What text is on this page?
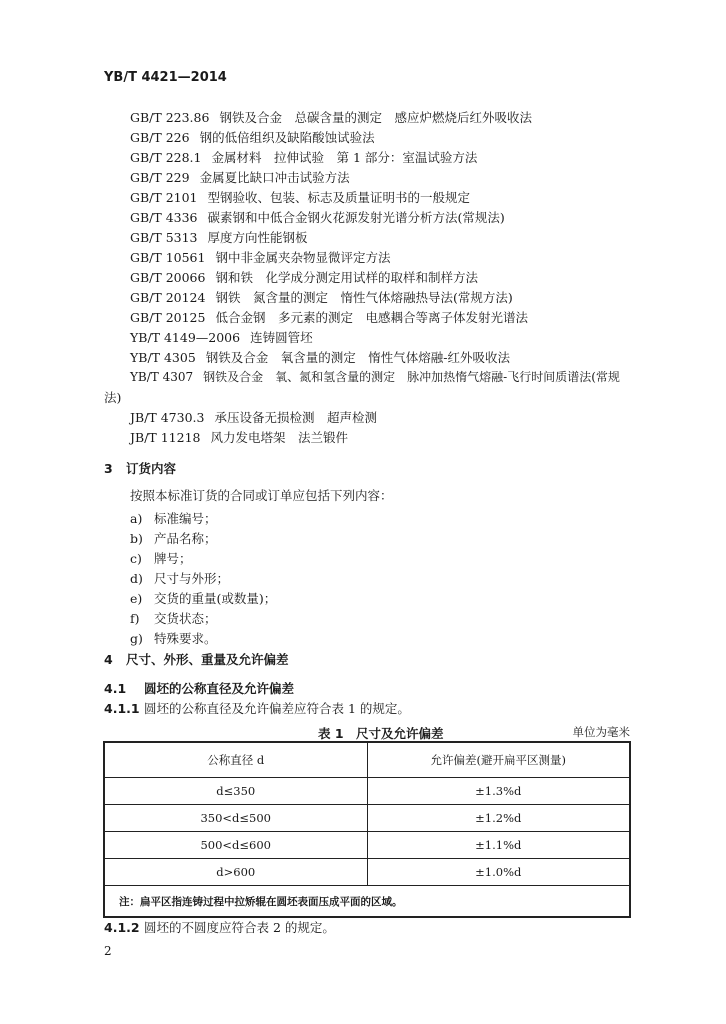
YB/T 4421—2014
GB/T 223.86 钢铁及合金　总碳含量的测定　感应炉燃烧后红外吸收法
GB/T 226 钢的低倍组织及缺陷酸蚀试验法
GB/T 228.1 金属材料　拉伸试验　第 1 部分：室温试验方法
GB/T 229 金属夏比缺口冲击试验方法
GB/T 2101 型钢验收、包装、标志及质量证明书的一般规定
GB/T 4336 碳素钢和中低合金钢火花源发射光谱分析方法(常规法)
GB/T 5313 厚度方向性能钢板
GB/T 10561 钢中非金属夹杂物显微评定方法
GB/T 20066 钢和铁　化学成分测定用试样的取样和制样方法
GB/T 20124 钢铁　氮含量的测定　惰性气体熔融热导法(常规方法)
GB/T 20125 低合金钢　多元素的测定　电感耦合等离子体发射光谱法
YB/T 4149—2006 连铸圆管坯
YB/T 4305 钢铁及合金　氧含量的测定　惰性气体熔融-红外吸收法
YB/T 4307 钢铁及合金　氧、氮和氢含量的测定　脉冲加热惰气熔融-飞行时间质谱法(常规
法)
JB/T 4730.3 承压设备无损检测　超声检测
JB/T 11218 风力发电塔架　法兰锻件
3 订货内容
按照本标准订货的合同或订单应包括下列内容：
a) 标准编号；
b) 产品名称；
c) 牌号；
d) 尺寸与外形；
e) 交货的重量(或数量)；
f) 交货状态；
g) 特殊要求。
4 尺寸、外形、重量及允许偏差
4.1 圆坯的公称直径及允许偏差
4.1.1 圆坯的公称直径及允许偏差应符合表 1 的规定。
表 1　尺寸及允许偏差	单位为毫米
公称直径 d	允许偏差(避开扁平区测量)
d≤350	±1.3%d
350<d≤500	±1.2%d
500<d≤600	±1.1%d
d>600	±1.0%d
注：扁平区指连铸过程中拉矫辊在圆坯表面压成平面的区域。	
4.1.2 圆坯的不圆度应符合表 2 的规定。
2
